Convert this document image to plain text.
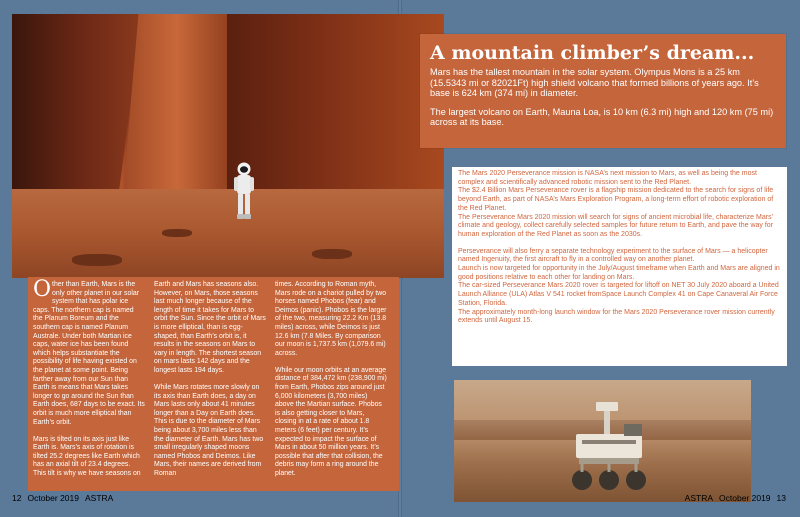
A mountain climber’s dream...

Mars has the tallest mountain in the solar system. Olympus Mons is a 25 km (15.5343 mi or 82021Ft) high shield volcano that formed billions of years ago. It’s base is 624 km (374 mi) in diameter.

The largest volcano on Earth, Mauna Loa, is 10 km (6.3 mi) high and 120 km (75 mi) across at its base.

The Mars 2020 Perseverance mission is NASA’s next mission to Mars, as well as being the most complex and scientifically advanced robotic mission sent to the Red Planet.

The $2.4 Billion Mars Perseverance rover is a flagship mission dedicated to the search for signs of life beyond Earth, as part of NASA’s Mars Exploration Program, a long-term effort of robotic exploration of the Red Planet.

The Perseverance Mars 2020 mission will search for signs of ancient microbial life, characterize Mars’ climate and geology, collect carefully selected samples for future return to Earth, and pave the way for human exploration of the Red Planet as soon as the 2030s.

Perseverance will also ferry a separate technology experiment to the surface of Mars — a helicopter named Ingenuity, the first aircraft to fly in a controlled way on another planet.

Launch is now targeted for opportunity in the July/August timeframe when Earth and Mars are aligned in good positions relative to each other for landing on Mars.

The car-sized Perseverance Mars 2020 rover is targeted for liftoff on NET 30 July 2020 aboard a United Launch Alliance (ULA) Atlas V 541 rocket fromSpace Launch Complex 41 on Cape Canaveral Air Force Station, Florida.

The approximately month-long launch window for the Mars 2020 Perseverance rover mission currently extends until August 15.

Other than Earth, Mars is the only other planet in our solar system that has polar ice caps. The northern cap is named the Planum Boreum and the southern cap is named Planum Australe. Under both Martian ice caps, water ice has been found which helps substantiate the possibility of life having existed on the planet at some point. Being farther away from our Sun than Earth is means that Mars takes longer to go around the Sun than Earth does, 687 days to be exact. Its orbit is much more elliptical than Earth’s orbit.

Mars is tilted on its axis just like Earth is. Mars’s axis of rotation is tilted 25.2 degrees like Earth which has an axial tilt of 23.4 degrees. This tilt is why we have seasons on

Earth and Mars has seasons also. However, on Mars, those seasons last much longer because of the length of time it takes for Mars to orbit the Sun. Since the orbit of Mars is more elliptical, than is egg-shaped, than Earth’s orbit is, it results in the seasons on Mars to vary in length. The shortest season on mars lasts 142 days and the longest lasts 194 days.

While Mars rotates more slowly on its axis than Earth does, a day on Mars lasts only about 41 minutes longer than a Day on Earth does. This is due to the diameter of Mars being about 3,700 miles less than the diameter of Earth. Mars has two small irregularly shaped moons named Phobos and Deimos. Like Mars, their names are derived from Roman

times. According to Roman myth, Mars rode on a chariot pulled by two horses named Phobos (fear) and Deimos (panic). Phobos is the larger of the two, measuring 22.2 Km (13.8 miles) across, while Deimos is just 12.6 km (7.8 Miles. By comparison our moon is 1,737.5 km (1,079.6 mi) across.

While our moon orbits at an average distance of 384,472 km (238,900 mi) from Earth, Phobos zips around just 6,000 kilometers (3,700 miles) above the Martian surface. Phobos is also getting closer to Mars, closing in at a rate of about 1.8 meters (6 feet) per century. It’s expected to impact the surface of Mars in about 50 million years. It’s possible that after that collision, the debris may form a ring around the planet.

12 October 2019 ASTRA	ASTRA October 2019 13
